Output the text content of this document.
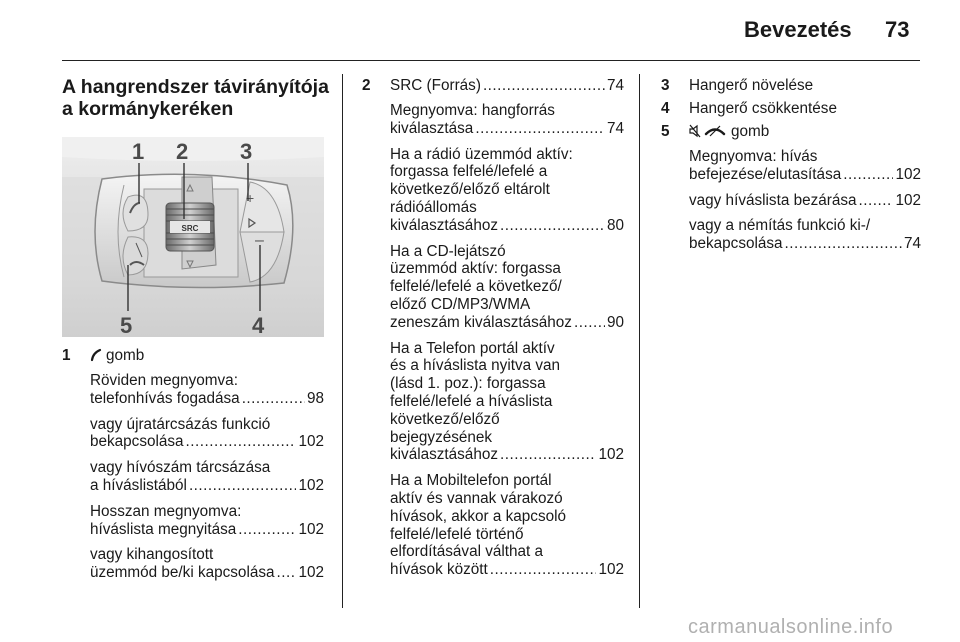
Bevezetés 73
A hangrendszer távirányítója a kormánykeréken
SRC
+
–
1 2 3
4
5
1	gomb
Röviden megnyomva:
telefonhívás fogadása .....	98
vagy újratárcsázás funkció
bekapcsolása .....	102
vagy hívószám tárcsázása
a híváslistából .....	102
Hosszan megnyomva:
híváslista megnyitása .....	102
vagy kihangosított
üzemmód be/ki kapcsolása ..... 102
2 SRC (Forrás) .....	74
Megnyomva: hangforrás
kiválasztása .....	74
Ha a rádió üzemmód aktív:
forgassa felfelé/lefelé a
következő/előző eltárolt
rádióállomás
kiválasztásához .....	80
Ha a CD-lejátszó
üzemmód aktív: forgassa
felfelé/lefelé a következő/
előző CD/MP3/WMA
zeneszám kiválasztásához ..... 90
Ha a Telefon portál aktív
és a híváslista nyitva van
(lásd 1. poz.): forgassa
felfelé/lefelé a híváslista
következő/előző
bejegyzésének
kiválasztásához .....	102
Ha a Mobiltelefon portál
aktív és vannak várakozó
hívások, akkor a kapcsoló
felfelé/lefelé történő
elfordításával válthat a
hívások között .....	102
3 Hangerő növelése
4 Hangerő csökkentése
5	gomb
Megnyomva: hívás
befejezése/elutasítása .....	102
vagy híváslista bezárása .....	102
vagy a némítás funkció ki-/
bekapcsolása .....	74
carmanualsonline.info
